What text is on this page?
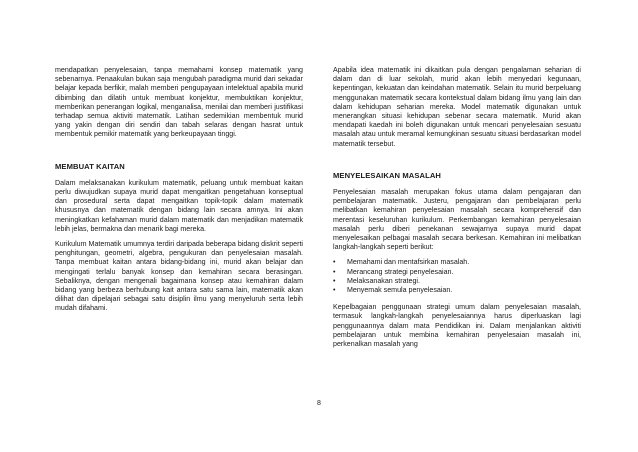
mendapatkan penyelesaian, tanpa memahami konsep matematik yang sebenarnya. Penaakulan bukan saja mengubah paradigma murid dari sekadar belajar kepada berfikir, malah memberi pengupayaan intelektual apabila murid dibimbing dan dilatih untuk membuat konjektur, membuktikan konjektur, memberikan penerangan logikal, menganalisa, menilai dan memberi justifikasi terhadap semua aktiviti matematik. Latihan sedemikian membentuk murid yang yakin dengan diri sendiri dan tabah selaras dengan hasrat untuk membentuk pemikir matematik yang berkeupayaan tinggi.

MEMBUAT KAITAN

Dalam melaksanakan kurikulum matematik, peluang untuk membuat kaitan perlu diwujudkan supaya murid dapat mengaitkan pengetahuan konseptual dan prosedural serta dapat mengaitkan topik-topik dalam matematik khususnya dan matematik dengan bidang lain secara amnya. Ini akan meningkatkan kefahaman murid dalam matematik dan menjadikan matematik lebih jelas, bermakna dan menarik bagi mereka.

Kurikulum Matematik umumnya terdiri daripada beberapa bidang diskrit seperti penghitungan, geometri, algebra, pengukuran dan penyelesaian masalah. Tanpa membuat kaitan antara bidang-bidang ini, murid akan belajar dan mengingati terlalu banyak konsep dan kemahiran secara berasingan. Sebaliknya, dengan mengenali bagaimana konsep atau kemahiran dalam bidang yang berbeza berhubung kait antara satu sama lain, matematik akan dilihat dan dipelajari sebagai satu disiplin ilmu yang menyeluruh serta lebih mudah difahami.

Apabila idea matematik ini dikaitkan pula dengan pengalaman seharian di dalam dan di luar sekolah, murid akan lebih menyedari kegunaan, kepentingan, kekuatan dan keindahan matematik. Selain itu murid berpeluang menggunakan matematik secara kontekstual dalam bidang ilmu yang lain dan dalam kehidupan seharian mereka. Model matematik digunakan untuk menerangkan situasi kehidupan sebenar secara matematik. Murid akan mendapati kaedah ini boleh digunakan untuk mencari penyelesaian sesuatu masalah atau untuk meramal kemungkinan sesuatu situasi berdasarkan model matematik tersebut.

MENYELESAIKAN MASALAH

Penyelesaian masalah merupakan fokus utama dalam pengajaran dan pembelajaran matematik. Justeru, pengajaran dan pembelajaran perlu melibatkan kemahiran penyelesaian masalah secara komprehensif dan merentasi keseluruhan kurikulum. Perkembangan kemahiran penyelesaian masalah perlu diberi penekanan sewajarnya supaya murid dapat menyelesaikan pelbagai masalah secara berkesan. Kemahiran ini melibatkan langkah-langkah seperti berikut:

• Memahami dan mentafsirkan masalah.
• Merancang strategi penyelesaian.
• Melaksanakan strategi.
• Menyemak semula penyelesaian.

Kepelbagaian penggunaan strategi umum dalam penyelesaian masalah, termasuk langkah-langkah penyelesaiannya harus diperluaskan lagi penggunaannya dalam mata Pendidikan ini. Dalam menjalankan aktiviti pembelajaran untuk membina kemahiran penyelesaian masalah ini, perkenalkan masalah yang

8
